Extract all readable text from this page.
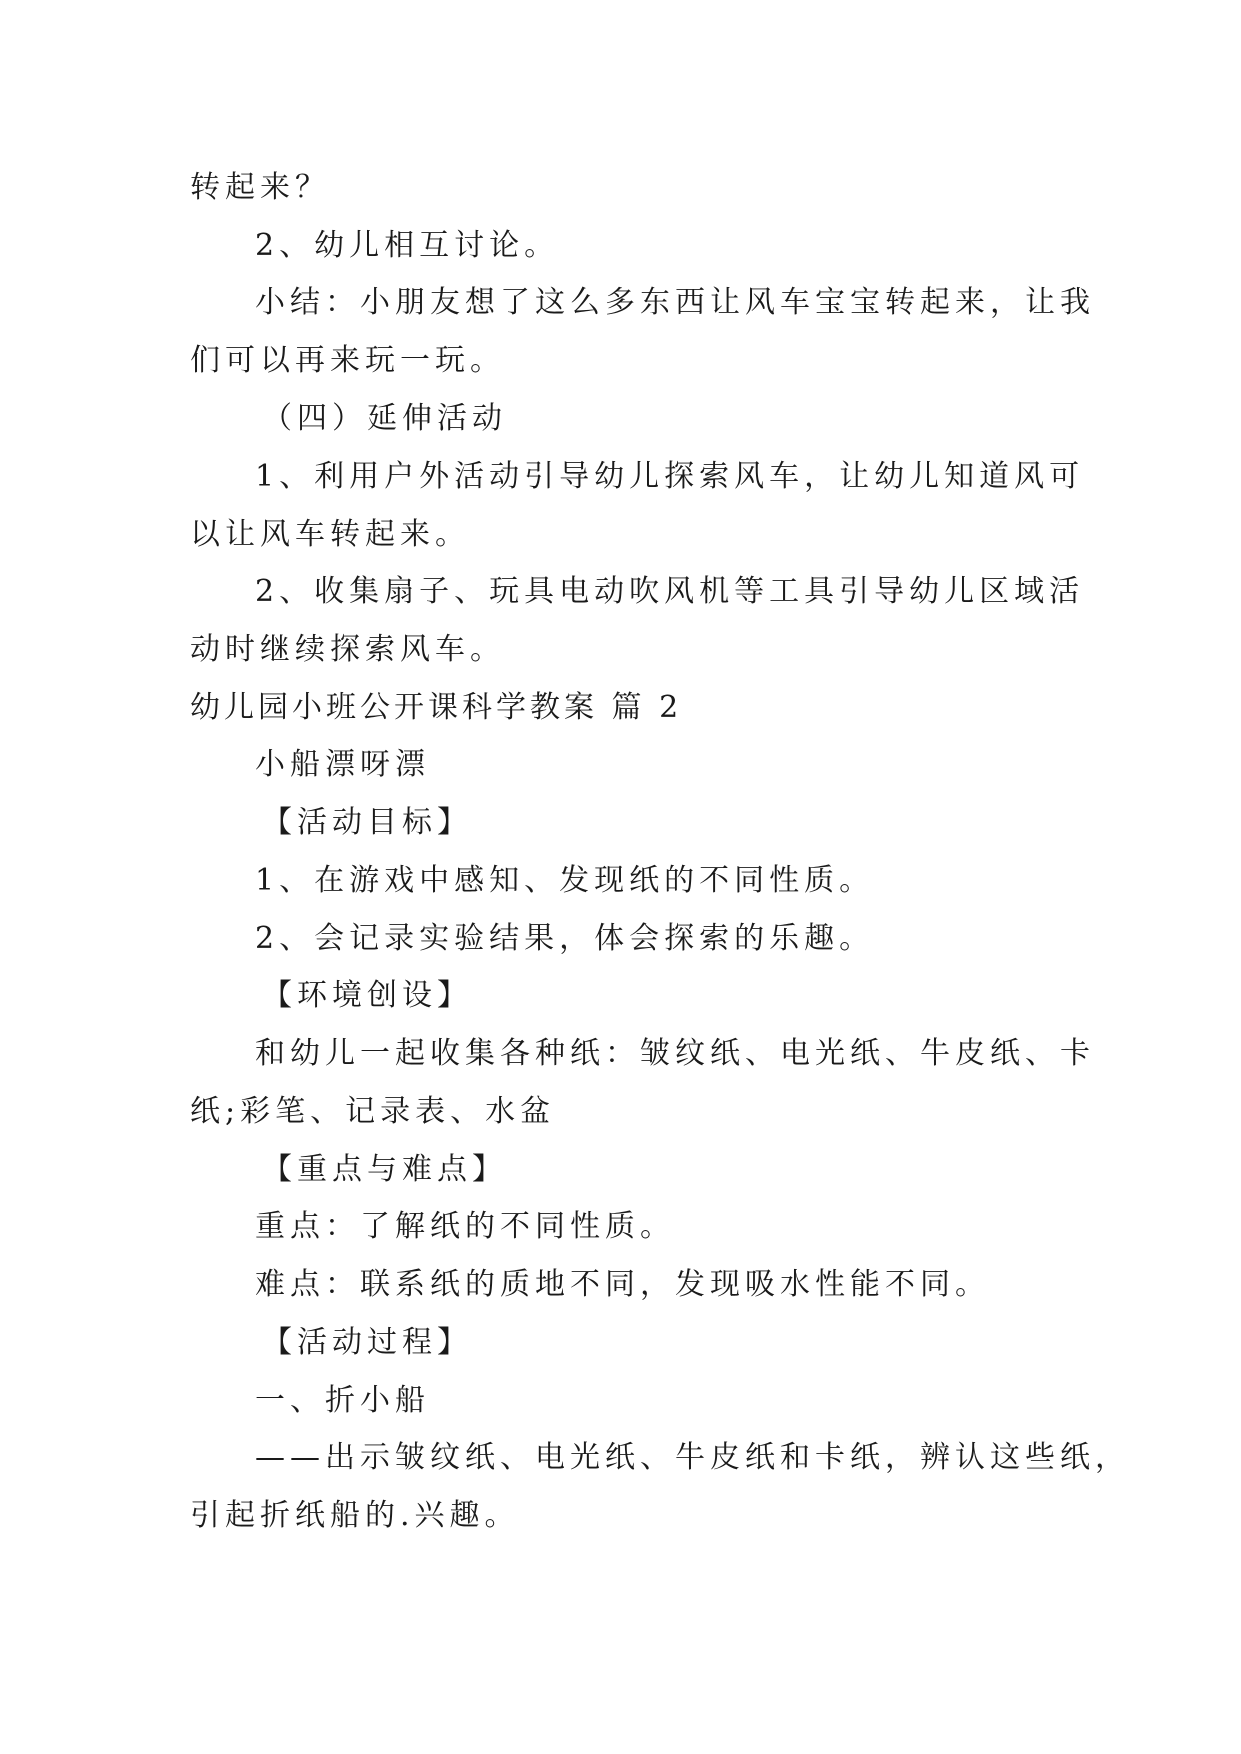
转起来？
2、幼儿相互讨论。
小结：小朋友想了这么多东西让风车宝宝转起来，让我
们可以再来玩一玩。
（四）延伸活动
1、利用户外活动引导幼儿探索风车，让幼儿知道风可
以让风车转起来。
2、收集扇子、玩具电动吹风机等工具引导幼儿区域活
动时继续探索风车。
幼儿园小班公开课科学教案 篇 2
小船漂呀漂
【活动目标】
1、在游戏中感知、发现纸的不同性质。
2、会记录实验结果，体会探索的乐趣。
【环境创设】
和幼儿一起收集各种纸：皱纹纸、电光纸、牛皮纸、卡
纸;彩笔、记录表、水盆
【重点与难点】
重点：了解纸的不同性质。
难点：联系纸的质地不同，发现吸水性能不同。
【活动过程】
一、折小船
——出示皱纹纸、电光纸、牛皮纸和卡纸，辨认这些纸，
引起折纸船的.兴趣。
